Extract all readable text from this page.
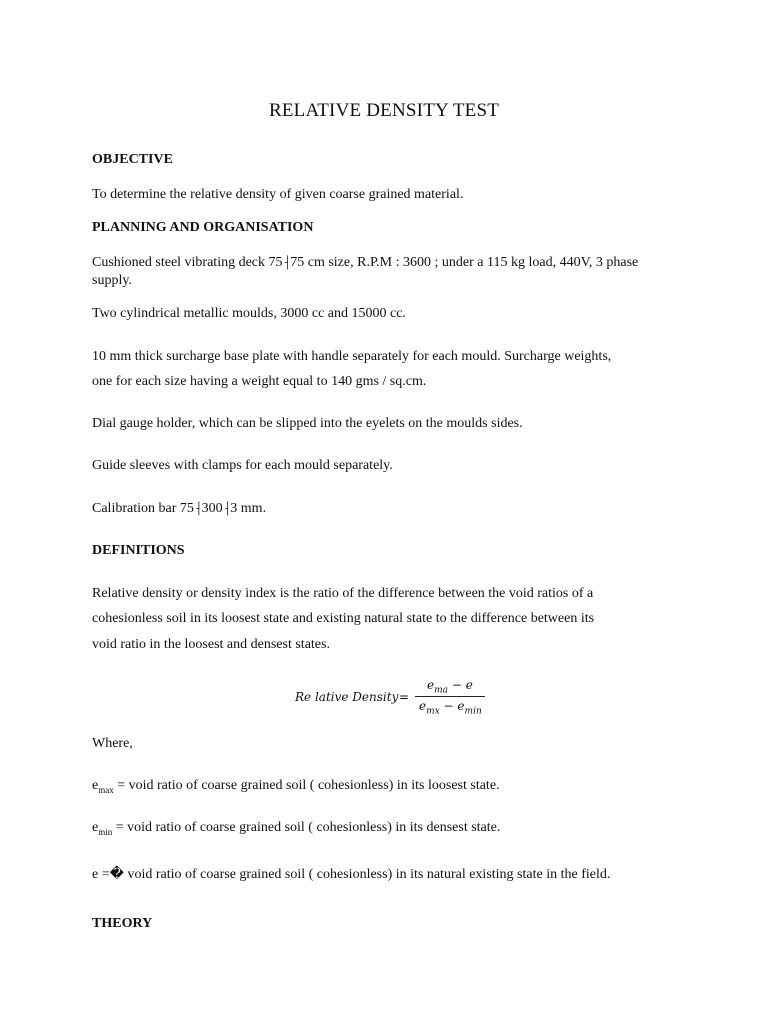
RELATIVE DENSITY TEST
OBJECTIVE
To determine the relative density of given coarse grained material.
PLANNING AND ORGANISATION
Cushioned steel vibrating deck 75⸡75 cm size, R.P.M : 3600 ; under a 115 kg load, 440V, 3 phase supply.
Two cylindrical metallic moulds, 3000 cc and 15000 cc.
10 mm thick surcharge base plate with handle separately for each mould. Surcharge weights,
one for each size having a weight equal to 140 gms / sq.cm.
Dial gauge holder, which can be slipped into the eyelets on the moulds sides.
Guide sleeves with clamps for each mould separately.
Calibration bar 75⸡300⸡3 mm.
DEFINITIONS
Relative density or density index is the ratio of the difference between the void ratios of a
cohesionless soil in its loosest state and existing natural state to the difference between its
void ratio in the loosest and densest states.
Re lative Density =
$e_{ma} - e$
$e_{mx} - e_{min}$
Where,
$e_{max}$ = void ratio of coarse grained soil ( cohesionless) in its loosest state.
$e_{min}$ = void ratio of coarse grained soil ( cohesionless) in its densest state.
e =� void ratio of coarse grained soil ( cohesionless) in its natural existing state in the field.
THEORY
